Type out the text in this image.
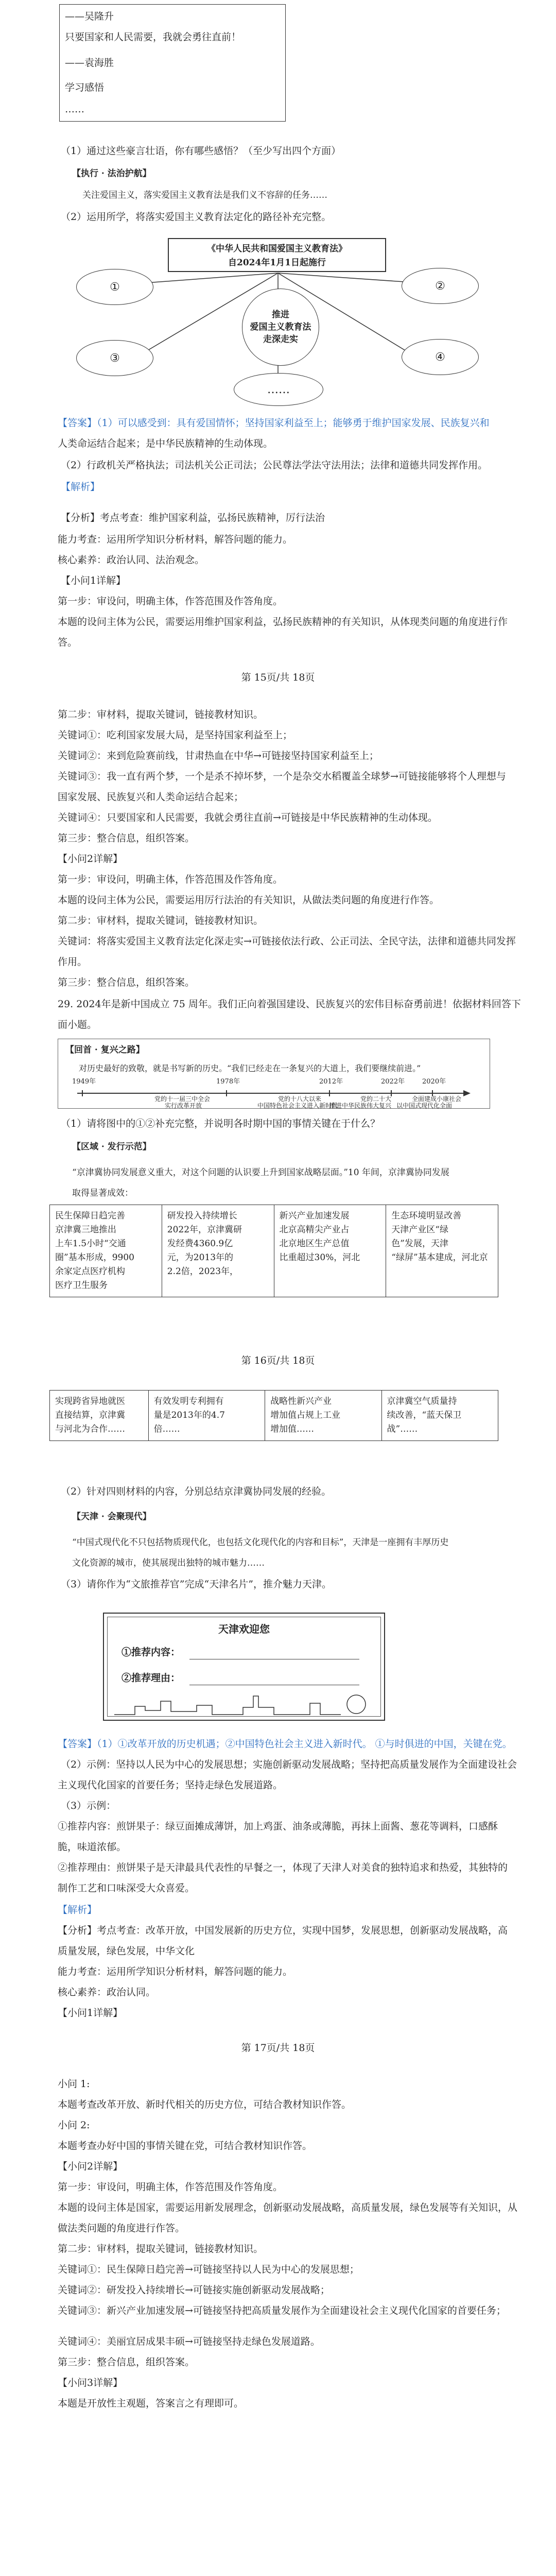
——吴隆升
只要国家和人民需要，我就会勇往直前！
——袁海胜
学习感悟
……
（1）通过这些豪言壮语，你有哪些感悟？（至少写出四个方面）
【执行 · 法治护航】
关注爱国主义，落实爱国主义教育法是我们义不容辞的任务……
（2）运用所学，将落实爱国主义教育法定化的路径补充完整。
《中华人民共和国爱国主义教育法》
自2024年1月1日起施行
推进
爱国主义教育法
走深走实
①	②
③	④
……
【答案】（1）可以感受到：具有爱国情怀；坚持国家利益至上；能够勇于维护国家发展、民族复兴和
人类命运结合起来；是中华民族精神的生动体现。
（2）行政机关严格执法；司法机关公正司法；公民尊法学法守法用法；法律和道德共同发挥作用。
【解析】
【分析】考点考查：维护国家利益，弘扬民族精神，厉行法治
能力考查：运用所学知识分析材料，解答问题的能力。
核心素养：政治认同、法治观念。
【小问1详解】
第一步：审设问，明确主体，作答范围及作答角度。
本题的设问主体为公民，需要运用维护国家利益，弘扬民族精神的有关知识，从体现类问题的角度进行作
答。
第 15页/共 18页
第二步：审材料，提取关键词，链接教材知识。
关键词①：吃利国家发展大局，是坚持国家利益至上；
关键词②：来到危险赛前线，甘肃热血在中华→可链接坚持国家利益至上；
关键词③：我一直有两个梦，一个是杀不掉坏梦，一个是杂交水稻覆盖全球梦→可链接能够将个人理想与
国家发展、民族复兴和人类命运结合起来；
关键词④：只要国家和人民需要，我就会勇往直前→可链接是中华民族精神的生动体现。
第三步：整合信息，组织答案。
【小问2详解】
第一步：审设问，明确主体，作答范围及作答角度。
本题的设问主体为公民，需要运用厉行法治的有关知识，从做法类问题的角度进行作答。
第二步：审材料，提取关键词，链接教材知识。
关键词：将落实爱国主义教育法定化深走实→可链接依法行政、公正司法、全民守法，法律和道德共同发挥
作用。
第三步：整合信息，组织答案。
29. 2024年是新中国成立 75 周年。我们正向着强国建设、民族复兴的宏伟目标奋勇前进！依据材料回答下
面小题。
【回首 · 复兴之路】
对历史最好的致敬，就是书写新的历史。“我们已经走在一条复兴的大道上，我们要继续前进。”
1949年	1978年	2012年	2022年	2020年
党的十一届三中全会
实行改革开放
党的十八大以来
中国特色社会主义进入新时代
党的二十大	全面建成小康社会
以中国式现代化全面
推进中华民族伟大复兴
（1）请将图中的①②补充完整，并说明各时期中国的事情关键在于什么？
【区域 · 发行示范】
“京津冀协同发展意义重大，对这个问题的认识要上升到国家战略层面。”10 年间，京津冀协同发展
取得显著成效：
民生保障日趋完善
京津冀三地推出
上车1.5小时“交通
圈”基本形成，9900
余家定点医疗机构
医疗卫生服务

研发投入持续增长
2022年，京津冀研
发经费4360.9亿
元，为2013年的
2.2倍，2023年，

新兴产业加速发展
北京高精尖产业占
北京地区生产总值
比重超过30%，河北

生态环境明显改善
天津产业区“绿
色”发展，天津
“绿屏”基本建成，河北京
第 16页/共 18页
实现跨省异地就医
直接结算，京津冀
与河北为合作……

有效发明专利拥有
量是2013年的4.7
倍……

战略性新兴产业
增加值占规上工业
增加值……

京津冀空气质量持
续改善，“蓝天保卫
战”……
（2）针对四则材料的内容，分别总结京津冀协同发展的经验。
【天津 · 会聚现代】
“中国式现代化不只包括物质现代化，也包括文化现代化的内容和目标”，天津是一座拥有丰厚历史
文化资源的城市，使其展现出独特的城市魅力……
（3）请你作为“文旅推荐官”完成“天津名片”，推介魅力天津。
天津欢迎您
①推荐内容：
②推荐理由：
【答案】（1）①改革开放的历史机遇；②中国特色社会主义进入新时代。 ①与时俱进的中国，关键在党。
（2）示例：坚持以人民为中心的发展思想；实施创新驱动发展战略；坚持把高质量发展作为全面建设社会
主义现代化国家的首要任务；坚持走绿色发展道路。
（3）示例：
①推荐内容：煎饼果子：绿豆面摊成薄饼，加上鸡蛋、油条或薄脆，再抹上面酱、葱花等调料，口感酥
脆，味道浓郁。
②推荐理由：煎饼果子是天津最具代表性的早餐之一，体现了天津人对美食的独特追求和热爱，其独特的
制作工艺和口味深受大众喜爱。
【解析】
【分析】考点考查：改革开放，中国发展新的历史方位，实现中国梦，发展思想，创新驱动发展战略，高
质量发展，绿色发展，中华文化
能力考查：运用所学知识分析材料，解答问题的能力。
核心素养：政治认同。
【小问1详解】
第 17页/共 18页
小问 1:
本题考查改革开放、新时代相关的历史方位，可结合教材知识作答。
小问 2:
本题考查办好中国的事情关键在党，可结合教材知识作答。
【小问2详解】
第一步：审设问，明确主体，作答范围及作答角度。
本题的设问主体是国家，需要运用新发展理念，创新驱动发展战略，高质量发展，绿色发展等有关知识，从
做法类问题的角度进行作答。
第二步：审材料，提取关键词，链接教材知识。
关键词①：民生保障日趋完善→可链接坚持以人民为中心的发展思想；
关键词②：研发投入持续增长→可链接实施创新驱动发展战略；
关键词③：新兴产业加速发展→可链接坚持把高质量发展作为全面建设社会主义现代化国家的首要任务；
关键词④：美丽宜居成果丰硕→可链接坚持走绿色发展道路。
第三步：整合信息，组织答案。
【小问3详解】
本题是开放性主观题，答案言之有理即可。
